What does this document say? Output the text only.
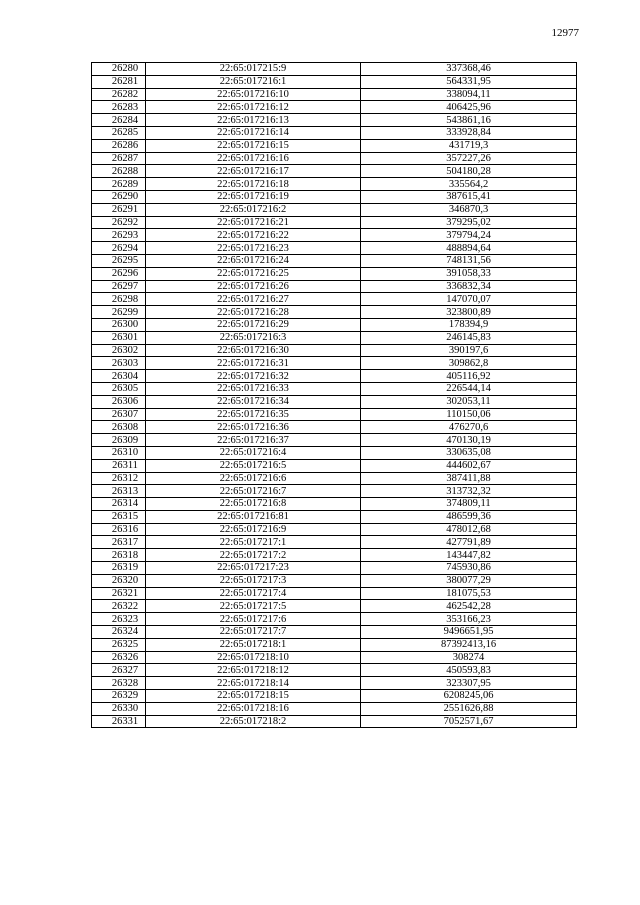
12977
26280	22:65:017215:9	337368,46
26281	22:65:017216:1	564331,95
26282	22:65:017216:10	338094,11
26283	22:65:017216:12	406425,96
26284	22:65:017216:13	543861,16
26285	22:65:017216:14	333928,84
26286	22:65:017216:15	431719,3
26287	22:65:017216:16	357227,26
26288	22:65:017216:17	504180,28
26289	22:65:017216:18	335564,2
26290	22:65:017216:19	387615,41
26291	22:65:017216:2	346870,3
26292	22:65:017216:21	379295,02
26293	22:65:017216:22	379794,24
26294	22:65:017216:23	488894,64
26295	22:65:017216:24	748131,56
26296	22:65:017216:25	391058,33
26297	22:65:017216:26	336832,34
26298	22:65:017216:27	147070,07
26299	22:65:017216:28	323800,89
26300	22:65:017216:29	178394,9
26301	22:65:017216:3	246145,83
26302	22:65:017216:30	390197,6
26303	22:65:017216:31	309862,8
26304	22:65:017216:32	405116,92
26305	22:65:017216:33	226544,14
26306	22:65:017216:34	302053,11
26307	22:65:017216:35	110150,06
26308	22:65:017216:36	476270,6
26309	22:65:017216:37	470130,19
26310	22:65:017216:4	330635,08
26311	22:65:017216:5	444602,67
26312	22:65:017216:6	387411,88
26313	22:65:017216:7	313732,32
26314	22:65:017216:8	374809,11
26315	22:65:017216:81	486599,36
26316	22:65:017216:9	478012,68
26317	22:65:017217:1	427791,89
26318	22:65:017217:2	143447,82
26319	22:65:017217:23	745930,86
26320	22:65:017217:3	380077,29
26321	22:65:017217:4	181075,53
26322	22:65:017217:5	462542,28
26323	22:65:017217:6	353166,23
26324	22:65:017217:7	9496651,95
26325	22:65:017218:1	87392413,16
26326	22:65:017218:10	308274
26327	22:65:017218:12	450593,83
26328	22:65:017218:14	323307,95
26329	22:65:017218:15	6208245,06
26330	22:65:017218:16	2551626,88
26331	22:65:017218:2	7052571,67
